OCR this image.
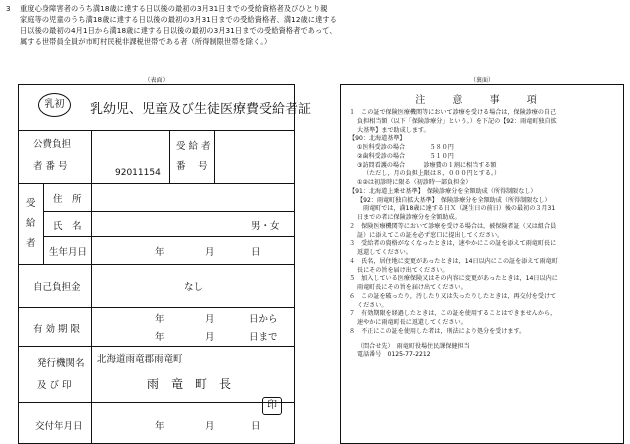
3 重度心身障害者のうち満18歳に達する日以後の最初の3月31日までの受給資格者及びひとり親
家庭等の児童のうち満18歳に達する日以後の最初の3月31日までの受給資格者、満12歳に達する
日以後の最初の4月1日から満18歳に達する日以後の最初の3月31日までの受給資格者であって、
属する世帯員全員が市町村民税非課税世帯である者（所得制限世帯を除く。）
（表面）	（裏面）
乳初	乳幼児、児童及び生徒医療費受給者証
公費負担
者 番 号
92011154
受 給 者
番　 号
受
給
者
住　所
氏　名	男・女
生年月日	年	月	日
自己負担金	なし
有 効 期 限
年	月	日から
年	月	日まで
発行機関名
及 び 印
北海道雨竜郡雨竜町
雨　竜　町　長
印
交付年月日	年	月	日
注 意 事 項
１　この証で保険医療機関等において診療を受ける場合は，保険診療の自己
負担相当額（以下「保険診療分」という。）を下記の【92：雨竜町独自拡
大基準】まで助成します。
【90：北海道基準】
①医科受診の場合　　　　５８０円
②歯科受診の場合　　　　５１０円
③訪問看護の場合　　　診療費の１割に相当する額
（ただし，月の負担上限は８，０００円とする。）
①②は初診時に限る（初診時一部負担金）
【91：北海道上乗せ基準】　保険診療分を全額助成（所得制限なし）
【92：雨竜町独自拡大基準】　保険診療分を全額助成（所得制限なし）
雨竜町では，満18歳に達する日Ｘ（誕生日の前日）後の最初の３月31
日までの者に保険診療分を全額助成。
２　保険医療機関等において診療を受ける場合は，被保険者証（又は組合員
証）に添えてこの証を必ず窓口に提出してください。
３　受給者の資格がなくなったときは，速やかにこの証を添えて雨竜町長に
返還してください。
４　氏名，居住地に変更があったときは，14日以内にこの証を添えて雨竜町
長にその旨を届け出てください。
５　加入している医療保険又はその内容に変更があったときは，14日以内に
雨竜町長にその旨を届け出てください。
６　この証を破ったり，汚したり又は失ったりしたときは，再交付を受けて
ください。
７　有効期限を経過したときは，この証を使用することはできませんから，
速やかに雨竜町長に返還してください。
８　不正にこの証を使用した者は，刑法により処分を受けます。
（問合せ先）　雨竜町役場住民課保健担当
電話番号　0125-77-2212
